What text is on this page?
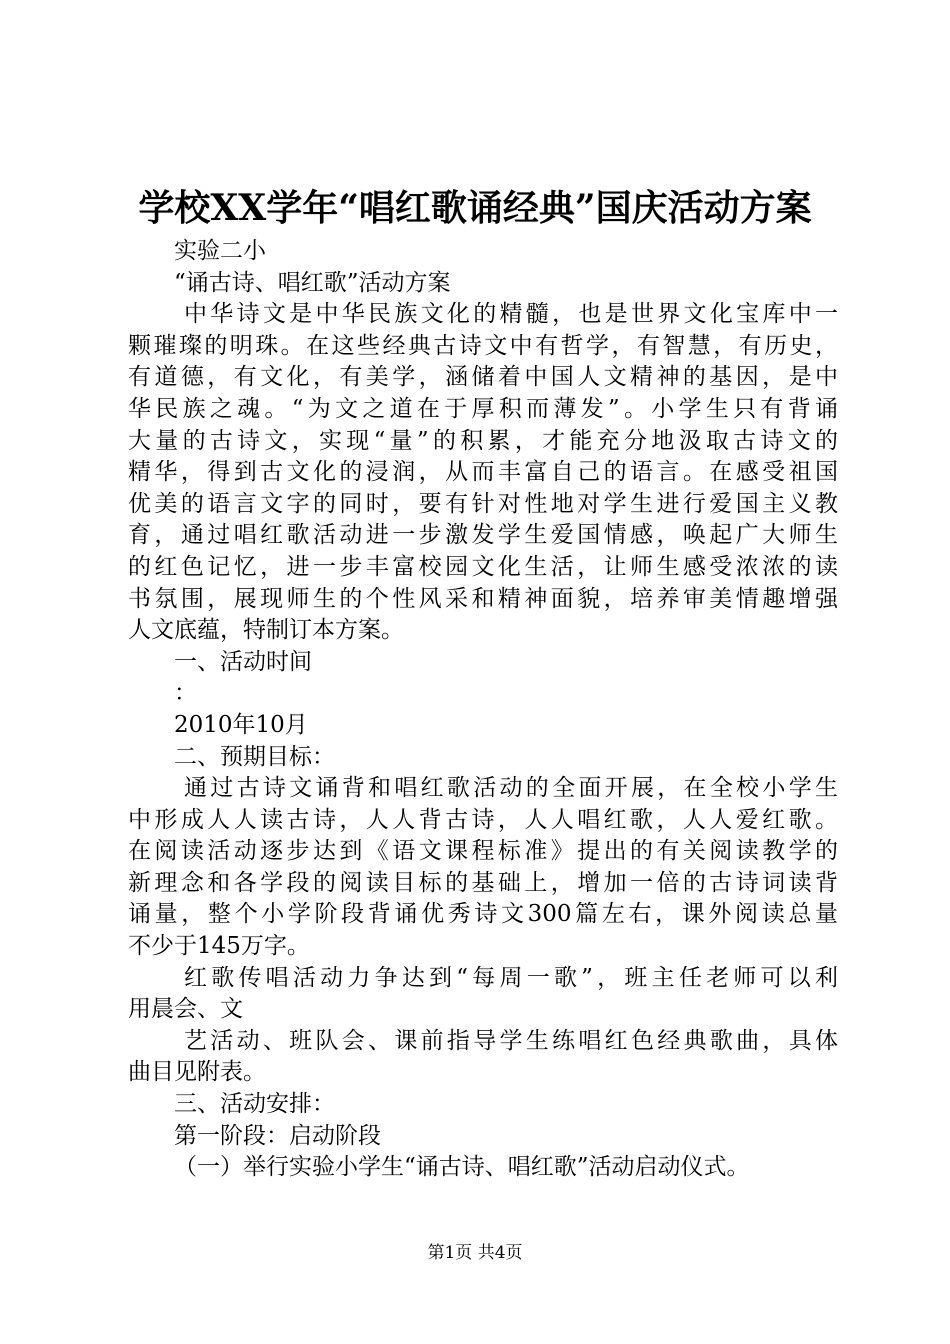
学校XX学年“唱红歌诵经典”国庆活动方案
实验二小
“诵古诗、唱红歌”活动方案
中华诗文是中华民族文化的精髓，也是世界文化宝库中一
颗璀璨的明珠。在这些经典古诗文中有哲学，有智慧，有历史，
有道德，有文化，有美学，涵储着中国人文精神的基因，是中
华民族之魂。“为文之道在于厚积而薄发”。小学生只有背诵
大量的古诗文，实现“量”的积累，才能充分地汲取古诗文的
精华，得到古文化的浸润，从而丰富自己的语言。在感受祖国
优美的语言文字的同时，要有针对性地对学生进行爱国主义教
育，通过唱红歌活动进一步激发学生爱国情感，唤起广大师生
的红色记忆，进一步丰富校园文化生活，让师生感受浓浓的读
书氛围，展现师生的个性风采和精神面貌，培养审美情趣增强
人文底蕴，特制订本方案。
一、活动时间
：
2010年10月
二、预期目标：
通过古诗文诵背和唱红歌活动的全面开展，在全校小学生
中形成人人读古诗，人人背古诗，人人唱红歌，人人爱红歌。
在阅读活动逐步达到《语文课程标准》提出的有关阅读教学的
新理念和各学段的阅读目标的基础上，增加一倍的古诗词读背
诵量，整个小学阶段背诵优秀诗文300篇左右，课外阅读总量
不少于145万字。
红歌传唱活动力争达到“每周一歌”，班主任老师可以利
用晨会、文
艺活动、班队会、课前指导学生练唱红色经典歌曲，具体
曲目见附表。
三、活动安排：
第一阶段：启动阶段
（一）举行实验小学生“诵古诗、唱红歌”活动启动仪式。
第1页 共4页
